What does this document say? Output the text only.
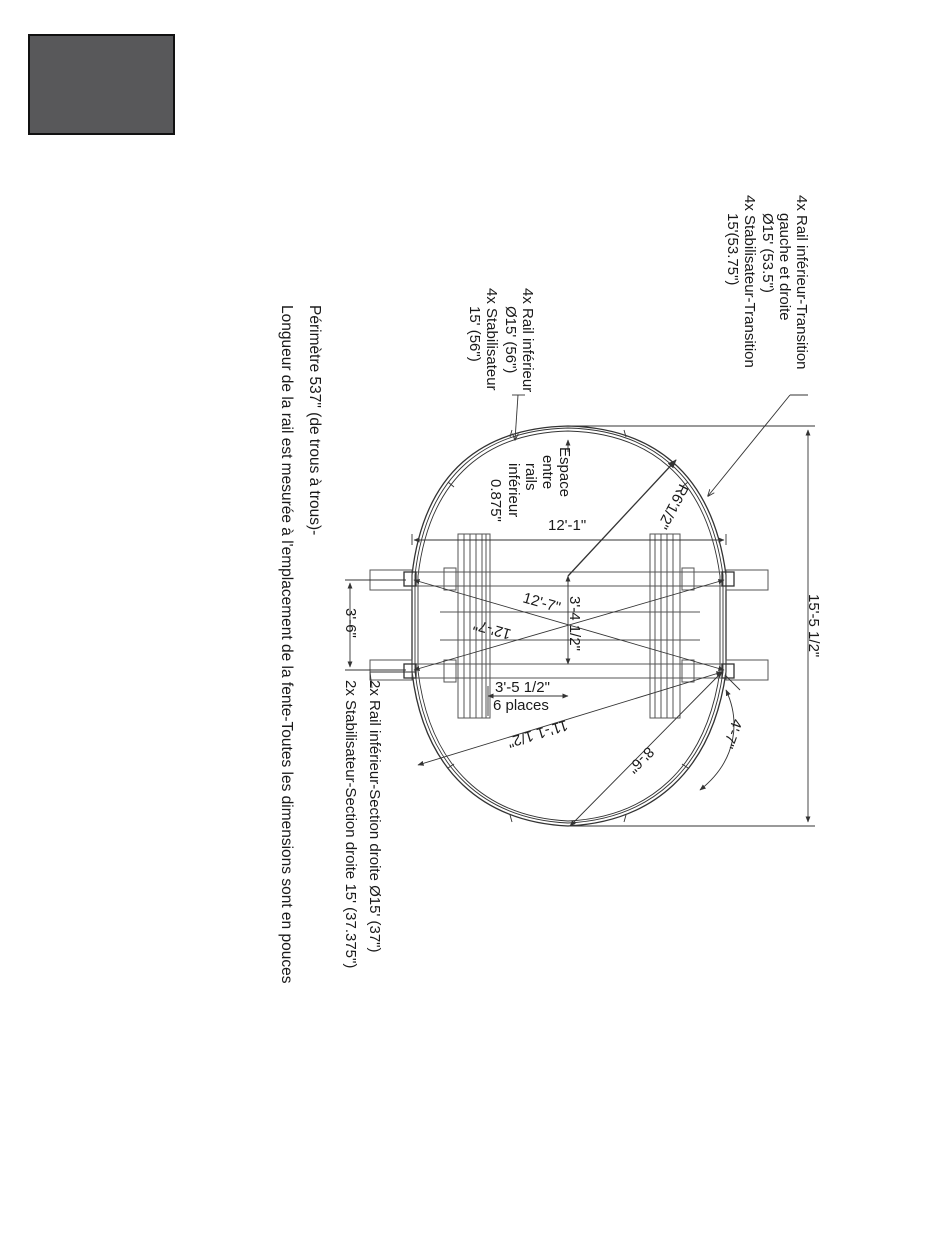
4x Rail inférieur-Transition
gauche et droite
Ø15' (53.5")
4x Stabilisateur-Transition
15'(53.75")
4x Rail inférieur
Ø15' (56")
4x Stabilisateur
15' (56")
Espace
entre
rails
inférieur
0.875"
2x Rail inférieur-Section droite Ø15' (37")
2x Stabilisateur-Section droite 15' (37.375")
Périmètre 537" (de trous à trous)-
Longueur de la rail est mesurée à l'emplacement de la fente-Toutes les dimensions sont en pouces	15'-5 1/2"
12'-1"	R6'1/2"
3'-4 1/2"
12'-7"
12'-7"
3'-5 1/2"
6 places
11'-1 1/2"
8'-6"
4'-7"
3'-6"
